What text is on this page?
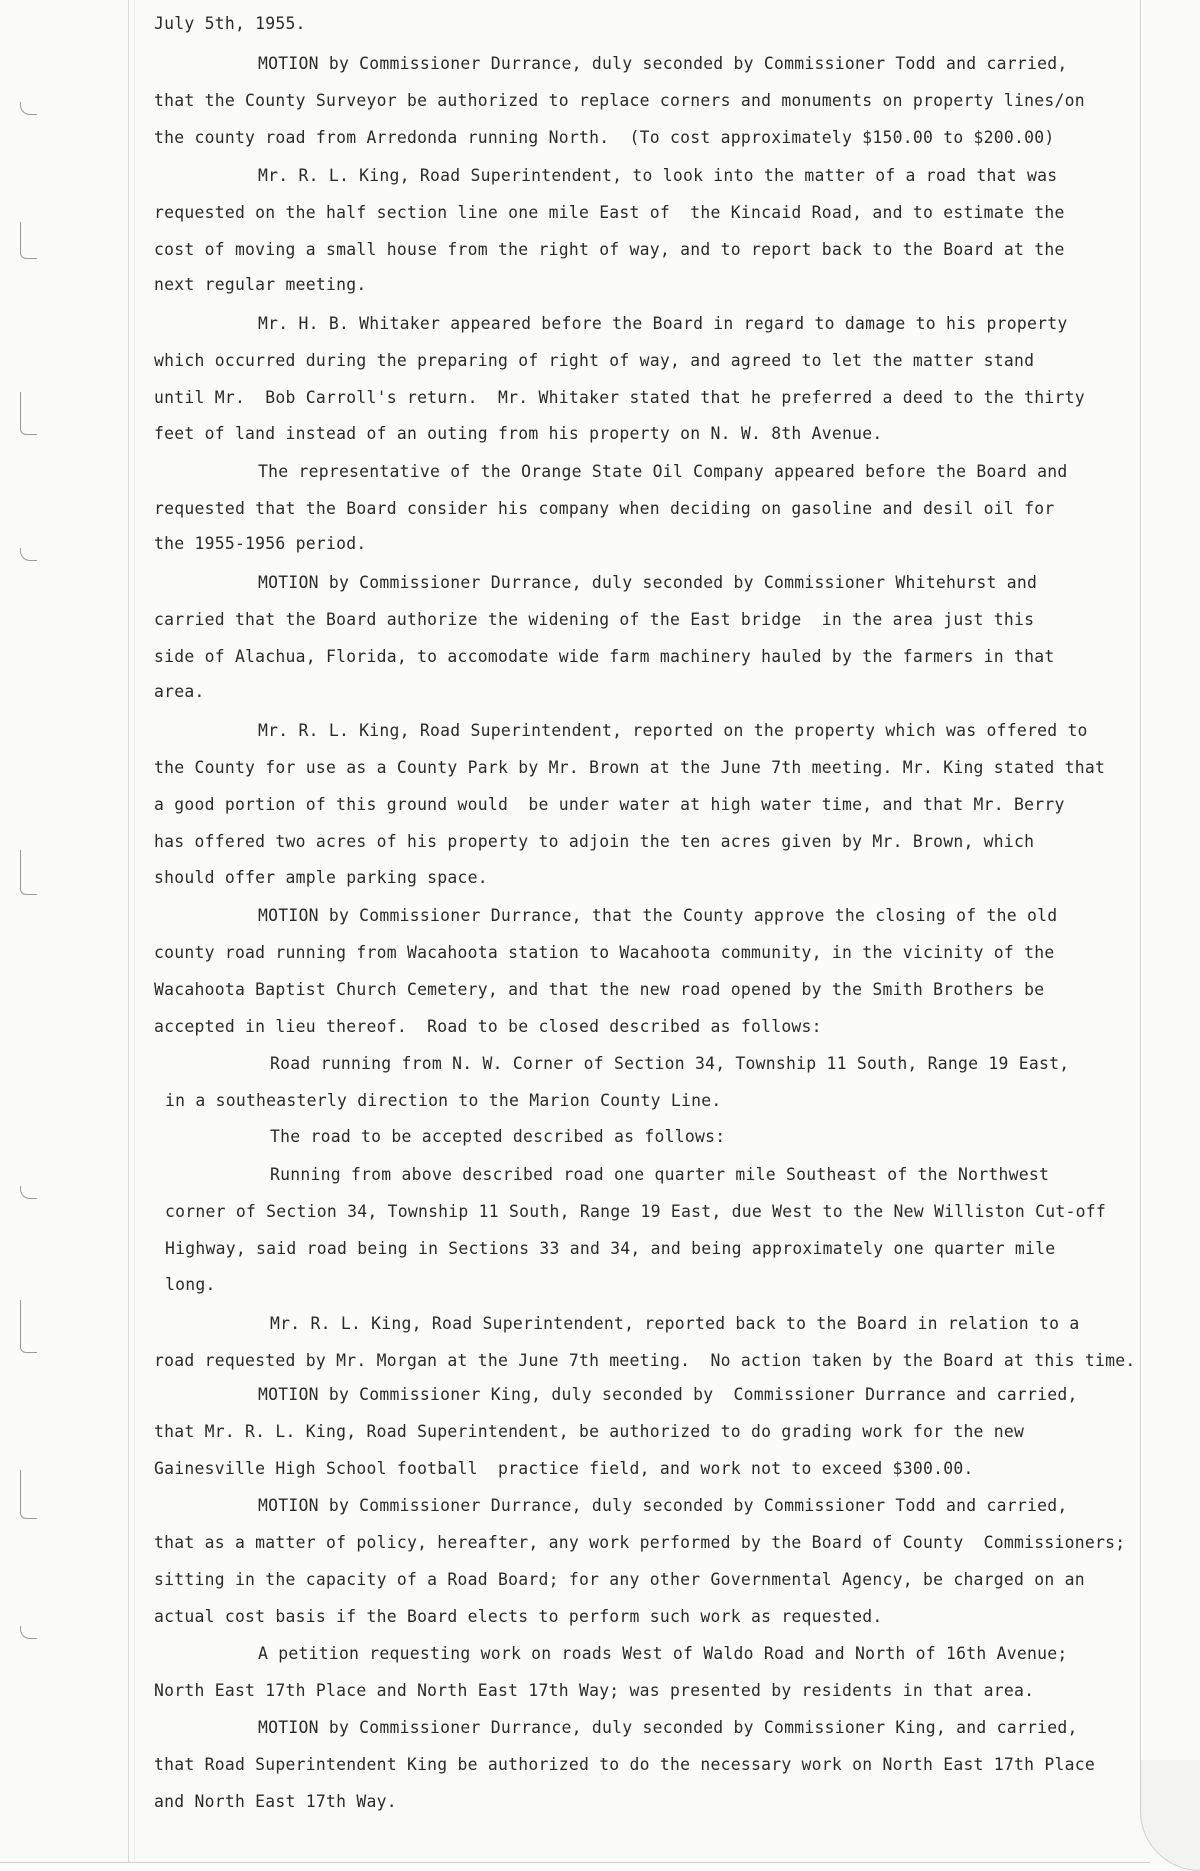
July 5th, 1955.
MOTION by Commissioner Durrance, duly seconded by Commissioner Todd and carried,
that the County Surveyor be authorized to replace corners and monuments on property lines/on
the county road from Arredonda running North.  (To cost approximately $150.00 to $200.00)
Mr. R. L. King, Road Superintendent, to look into the matter of a road that was
requested on the half section line one mile East of  the Kincaid Road, and to estimate the
cost of moving a small house from the right of way, and to report back to the Board at the
next regular meeting.
Mr. H. B. Whitaker appeared before the Board in regard to damage to his property
which occurred during the preparing of right of way, and agreed to let the matter stand
until Mr.  Bob Carroll's return.  Mr. Whitaker stated that he preferred a deed to the thirty
feet of land instead of an outing from his property on N. W. 8th Avenue.
The representative of the Orange State Oil Company appeared before the Board and
requested that the Board consider his company when deciding on gasoline and desil oil for
the 1955-1956 period.
MOTION by Commissioner Durrance, duly seconded by Commissioner Whitehurst and
carried that the Board authorize the widening of the East bridge  in the area just this
side of Alachua, Florida, to accomodate wide farm machinery hauled by the farmers in that
area.
Mr. R. L. King, Road Superintendent, reported on the property which was offered to
the County for use as a County Park by Mr. Brown at the June 7th meeting. Mr. King stated that
a good portion of this ground would  be under water at high water time, and that Mr. Berry
has offered two acres of his property to adjoin the ten acres given by Mr. Brown, which
should offer ample parking space.
MOTION by Commissioner Durrance, that the County approve the closing of the old
county road running from Wacahoota station to Wacahoota community, in the vicinity of the
Wacahoota Baptist Church Cemetery, and that the new road opened by the Smith Brothers be
accepted in lieu thereof.  Road to be closed described as follows:
Road running from N. W. Corner of Section 34, Township 11 South, Range 19 East,
in a southeasterly direction to the Marion County Line.
The road to be accepted described as follows:
Running from above described road one quarter mile Southeast of the Northwest
corner of Section 34, Township 11 South, Range 19 East, due West to the New Williston Cut-off
Highway, said road being in Sections 33 and 34, and being approximately one quarter mile
long.
Mr. R. L. King, Road Superintendent, reported back to the Board in relation to a
road requested by Mr. Morgan at the June 7th meeting.  No action taken by the Board at this time.
MOTION by Commissioner King, duly seconded by  Commissioner Durrance and carried,
that Mr. R. L. King, Road Superintendent, be authorized to do grading work for the new
Gainesville High School football  practice field, and work not to exceed $300.00.
MOTION by Commissioner Durrance, duly seconded by Commissioner Todd and carried,
that as a matter of policy, hereafter, any work performed by the Board of County  Commissioners;
sitting in the capacity of a Road Board; for any other Governmental Agency, be charged on an
actual cost basis if the Board elects to perform such work as requested.
A petition requesting work on roads West of Waldo Road and North of 16th Avenue;
North East 17th Place and North East 17th Way; was presented by residents in that area.
MOTION by Commissioner Durrance, duly seconded by Commissioner King, and carried,
that Road Superintendent King be authorized to do the necessary work on North East 17th Place
and North East 17th Way.
